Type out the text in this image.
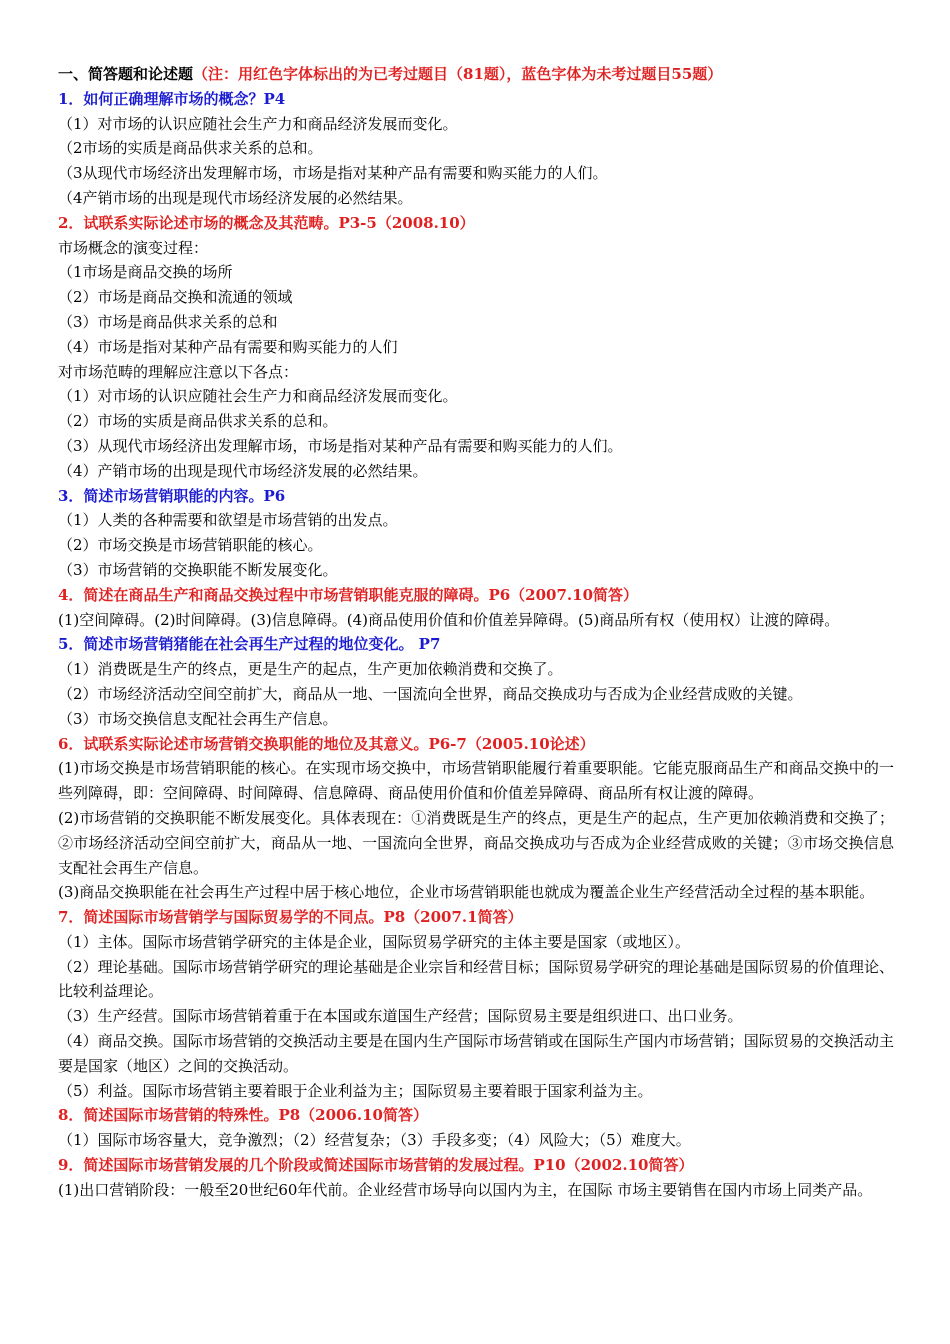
一、简答题和论述题（注：用红色字体标出的为已考过题目（81题），蓝色字体为未考过题目55题）

1．如何正确理解市场的概念？P4

（1）对市场的认识应随社会生产力和商品经济发展而变化。

（2市场的实质是商品供求关系的总和。

（3从现代市场经济出发理解市场，市场是指对某种产品有需要和购买能力的人们。

（4产销市场的出现是现代市场经济发展的必然结果。

2．试联系实际论述市场的概念及其范畴。P3-5（2008.10）

市场概念的演变过程：

（1市场是商品交换的场所

（2）市场是商品交换和流通的领域

（3）市场是商品供求关系的总和

（4）市场是指对某种产品有需要和购买能力的人们

对市场范畴的理解应注意以下各点：

（1）对市场的认识应随社会生产力和商品经济发展而变化。

（2）市场的实质是商品供求关系的总和。

（3）从现代市场经济出发理解市场，市场是指对某种产品有需要和购买能力的人们。

（4）产销市场的出现是现代市场经济发展的必然结果。

3．简述市场营销职能的内容。P6

（1）人类的各种需要和欲望是市场营销的出发点。

（2）市场交换是市场营销职能的核心。

（3）市场营销的交换职能不断发展变化。

4．简述在商品生产和商品交换过程中市场营销职能克服的障碍。P6（2007.10简答）

(1)空间障碍。(2)时间障碍。(3)信息障碍。(4)商品使用价值和价值差异障碍。(5)商品所有权（使用权）让渡的障碍。

5．简述市场营销猪能在社会再生产过程的地位变化。 P7

（1）消费既是生产的终点，更是生产的起点，生产更加依赖消费和交换了。

（2）市场经济活动空间空前扩大，商品从一地、一国流向全世界，商品交换成功与否成为企业经营成败的关键。

（3）市场交换信息支配社会再生产信息。

6．试联系实际论述市场营销交换职能的地位及其意义。P6-7（2005.10论述）

(1)市场交换是市场营销职能的核心。在实现市场交换中，市场营销职能履行着重要职能。它能克服商品生产和商品交换中的一些列障碍，即：空间障碍、时间障碍、信息障碍、商品使用价值和价值差异障碍、商品所有权让渡的障碍。

(2)市场营销的交换职能不断发展变化。具体表现在：①消费既是生产的终点，更是生产的起点，生产更加依赖消费和交换了；②市场经济活动空间空前扩大，商品从一地、一国流向全世界，商品交换成功与否成为企业经营成败的关键；③市场交换信息支配社会再生产信息。

(3)商品交换职能在社会再生产过程中居于核心地位，企业市场营销职能也就成为覆盖企业生产经营活动全过程的基本职能。

7．简述国际市场营销学与国际贸易学的不同点。P8（2007.1简答）

（1）主体。国际市场营销学研究的主体是企业，国际贸易学研究的主体主要是国家（或地区）。

（2）理论基础。国际市场营销学研究的理论基础是企业宗旨和经营目标；国际贸易学研究的理论基础是国际贸易的价值理论、比较利益理论。

（3）生产经营。国际市场营销着重于在本国或东道国生产经营；国际贸易主要是组织进口、出口业务。

（4）商品交换。国际市场营销的交换活动主要是在国内生产国际市场营销或在国际生产国内市场营销；国际贸易的交换活动主要是国家（地区）之间的交换活动。

（5）利益。国际市场营销主要着眼于企业利益为主；国际贸易主要着眼于国家利益为主。

8．简述国际市场营销的特殊性。P8（2006.10简答）

（1）国际市场容量大，竞争激烈；（2）经营复杂；（3）手段多变；（4）风险大；（5）难度大。

9．简述国际市场营销发展的几个阶段或简述国际市场营销的发展过程。P10（2002.10简答）

(1)出口营销阶段：一般至20世纪60年代前。企业经营市场导向以国内为主，在国际 市场主要销售在国内市场上同类产品。
